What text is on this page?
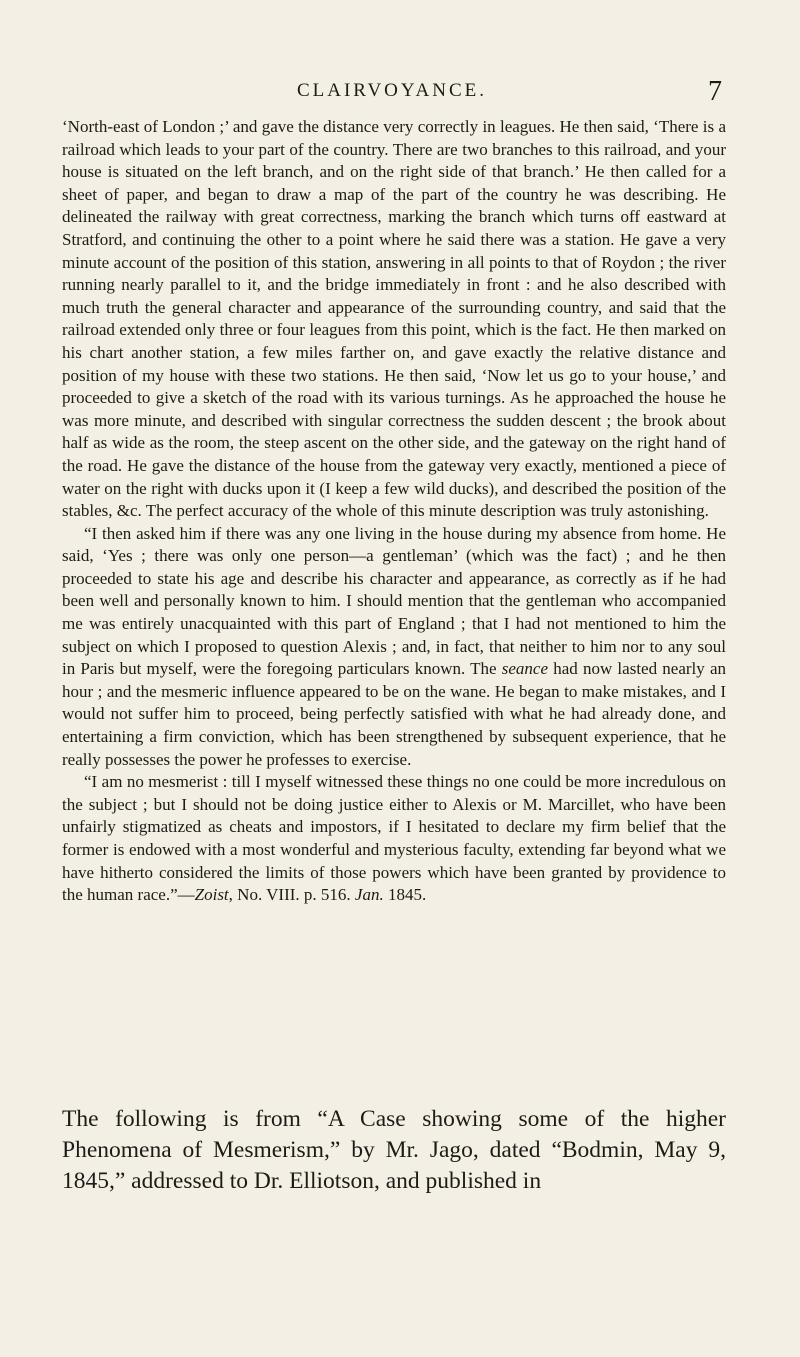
CLAIRVOYANCE.	7

‘North-east of London ;’ and gave the distance very correctly in leagues. He then said, ‘There is a railroad which leads to your part of the country. There are two branches to this railroad, and your house is situated on the left branch, and on the right side of that branch.’ He then called for a sheet of paper, and began to draw a map of the part of the country he was describing. He delineated the railway with great correctness, marking the branch which turns off eastward at Stratford, and continuing the other to a point where he said there was a station. He gave a very minute account of the position of this station, answering in all points to that of Roydon ; the river running nearly parallel to it, and the bridge immediately in front : and he also described with much truth the general character and appearance of the surrounding country, and said that the railroad extended only three or four leagues from this point, which is the fact. He then marked on his chart another station, a few miles farther on, and gave exactly the relative distance and position of my house with these two stations. He then said, ‘Now let us go to your house,’ and proceeded to give a sketch of the road with its various turnings. As he approached the house he was more minute, and described with singular correctness the sudden descent ; the brook about half as wide as the room, the steep ascent on the other side, and the gateway on the right hand of the road. He gave the distance of the house from the gateway very exactly, mentioned a piece of water on the right with ducks upon it (I keep a few wild ducks), and described the position of the stables, &c. The perfect accuracy of the whole of this minute description was truly astonishing.

“I then asked him if there was any one living in the house during my absence from home. He said, ‘Yes ; there was only one person—a gentleman’ (which was the fact) ; and he then proceeded to state his age and describe his character and appearance, as correctly as if he had been well and personally known to him. I should mention that the gentleman who accompanied me was entirely unacquainted with this part of England ; that I had not mentioned to him the subject on which I proposed to question Alexis ; and, in fact, that neither to him nor to any soul in Paris but myself, were the foregoing particulars known. The seance had now lasted nearly an hour ; and the mesmeric influence appeared to be on the wane. He began to make mistakes, and I would not suffer him to proceed, being perfectly satisfied with what he had already done, and entertaining a firm conviction, which has been strengthened by subsequent experience, that he really possesses the power he professes to exercise.

“I am no mesmerist : till I myself witnessed these things no one could be more incredulous on the subject ; but I should not be doing justice either to Alexis or M. Marcillet, who have been unfairly stigmatized as cheats and impostors, if I hesitated to declare my firm belief that the former is endowed with a most wonderful and mysterious faculty, extending far beyond what we have hitherto considered the limits of those powers which have been granted by providence to the human race.”—Zoist, No. VIII. p. 516. Jan. 1845.

The following is from “A Case showing some of the higher Phenomena of Mesmerism,” by Mr. Jago, dated “Bodmin, May 9, 1845,” addressed to Dr. Elliotson, and published in
